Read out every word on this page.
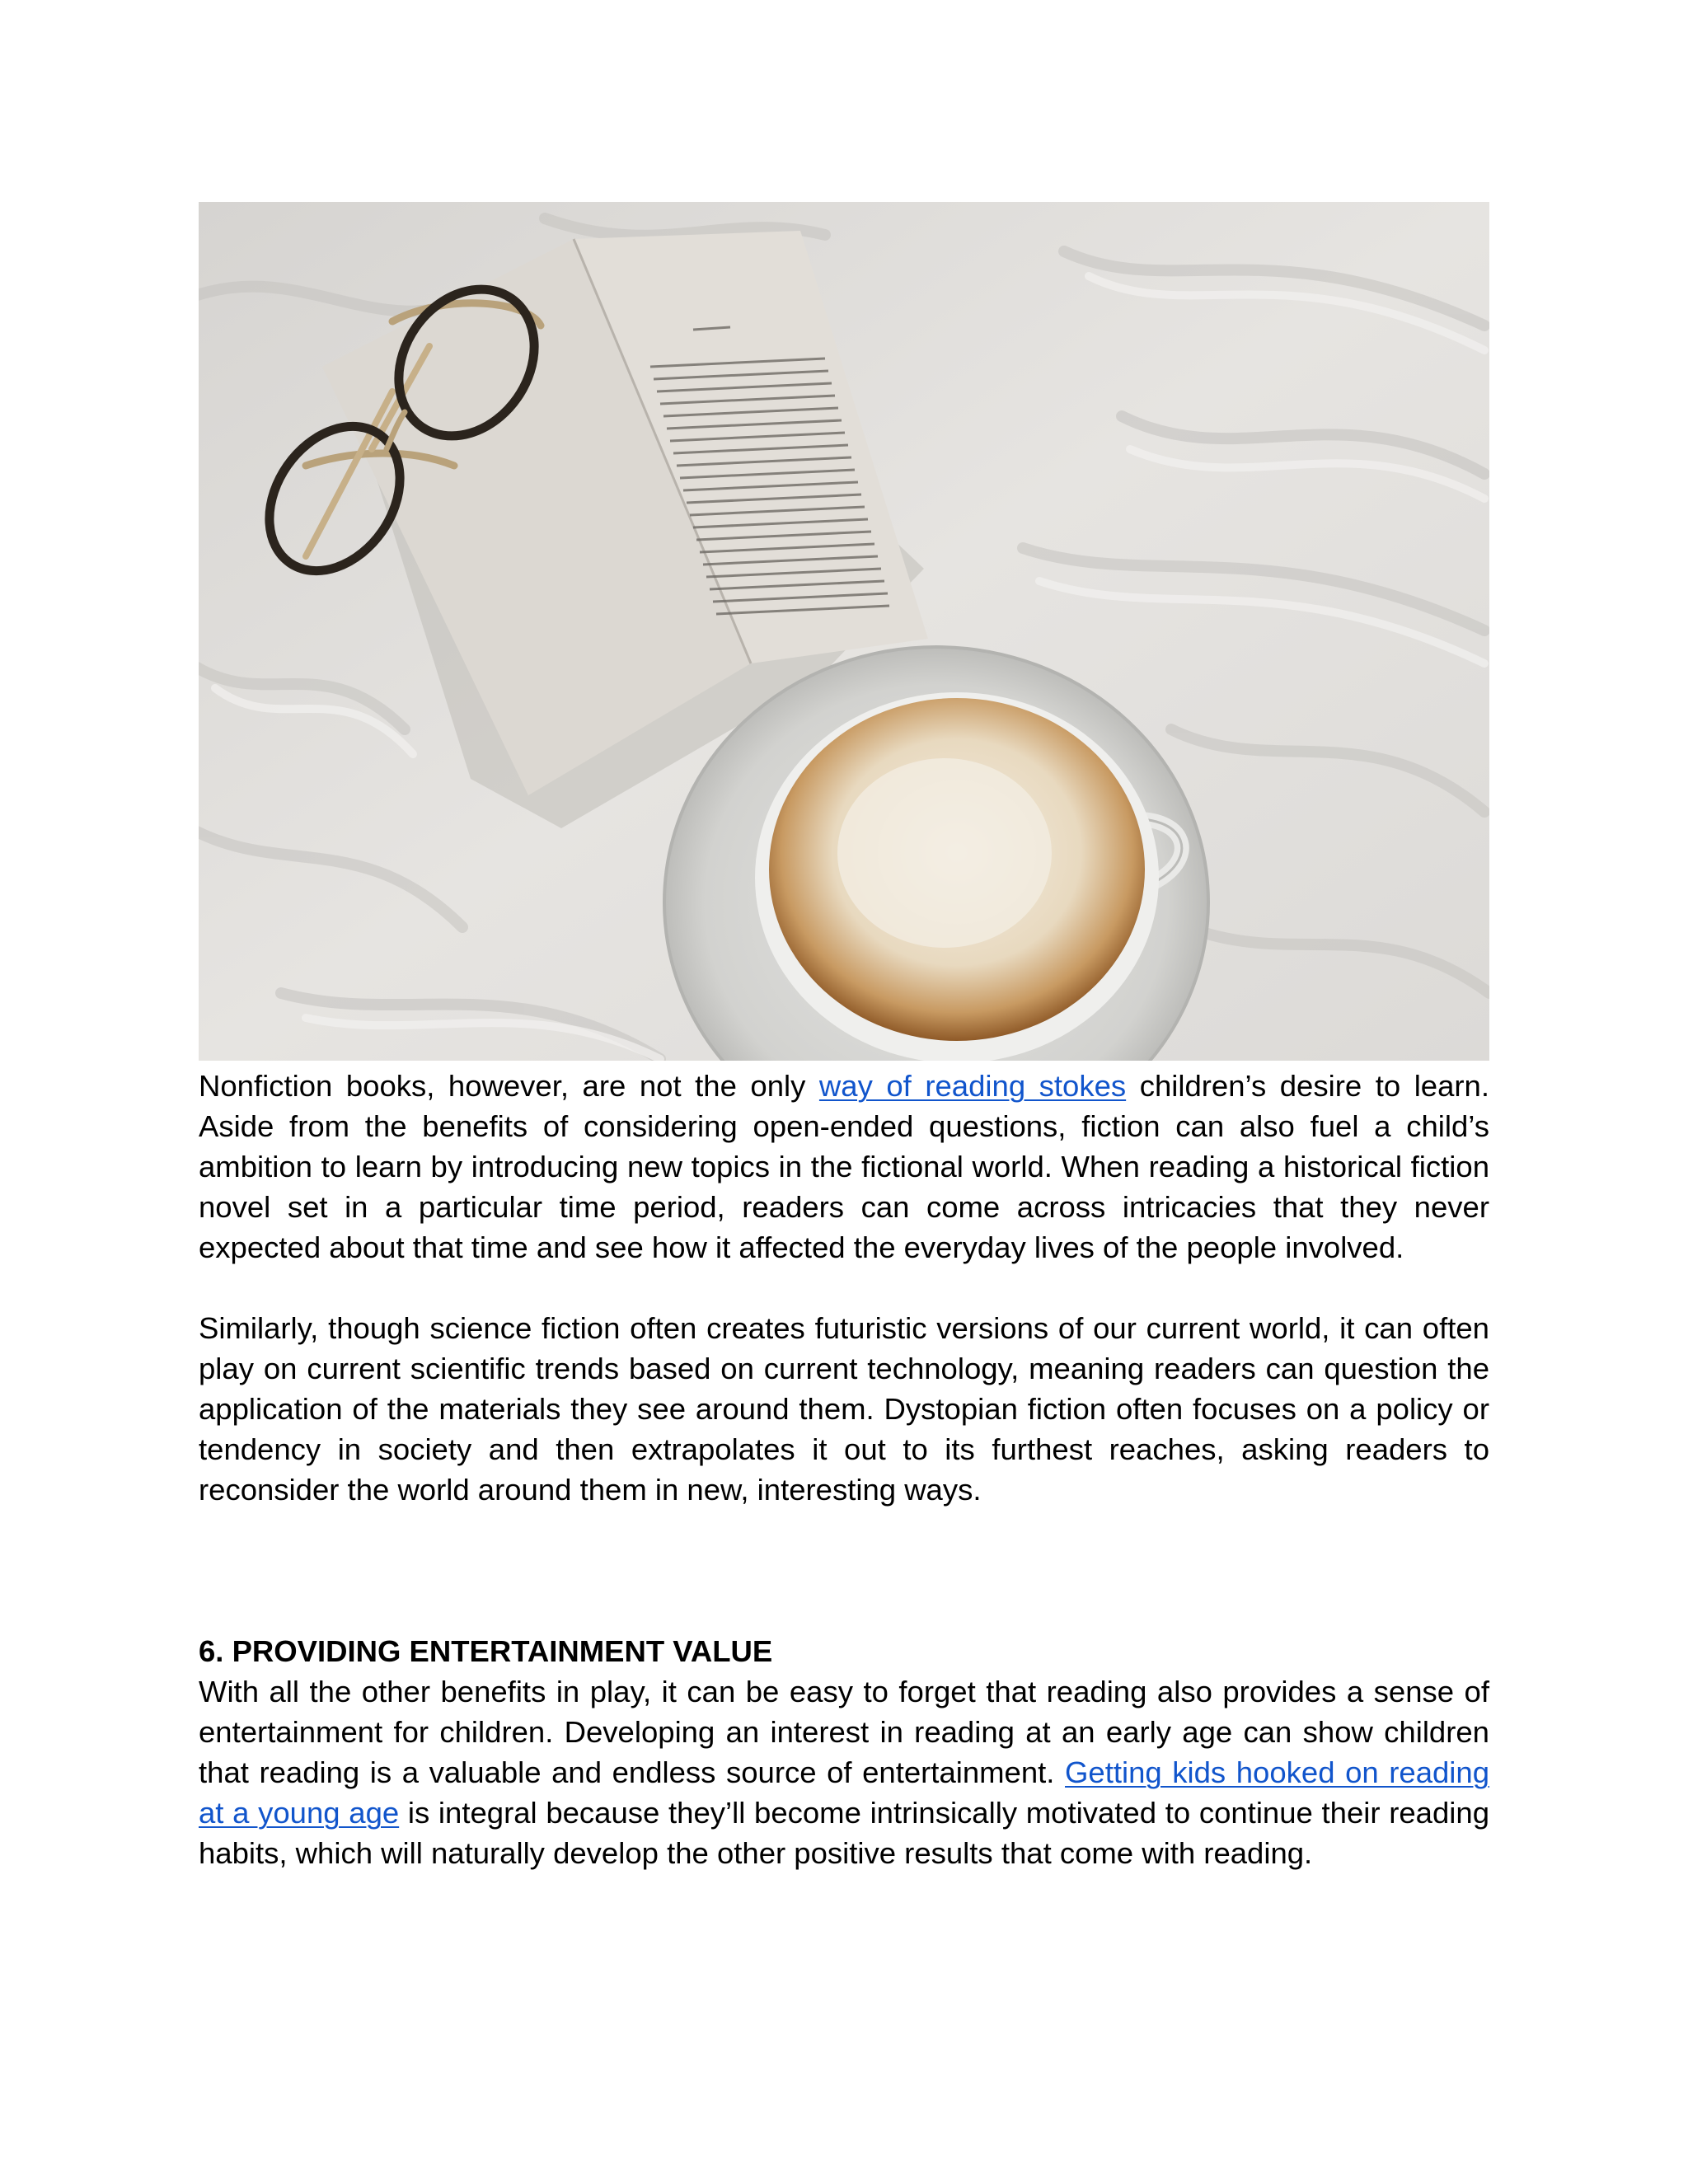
Nonfiction books, however, are not the only way of reading stokes children’s desire to learn. Aside from the benefits of considering open-ended questions, fiction can also fuel a child’s ambition to learn by introducing new topics in the fictional world. When reading a historical fiction novel set in a particular time period, readers can come across intricacies that they never expected about that time and see how it affected the everyday lives of the people involved.

Similarly, though science fiction often creates futuristic versions of our current world, it can often play on current scientific trends based on current technology, meaning readers can question the application of the materials they see around them. Dystopian fiction often focuses on a policy or tendency in society and then extrapolates it out to its furthest reaches, asking readers to reconsider the world around them in new, interesting ways.

6. PROVIDING ENTERTAINMENT VALUE

With all the other benefits in play, it can be easy to forget that reading also provides a sense of entertainment for children. Developing an interest in reading at an early age can show children that reading is a valuable and endless source of entertainment. Getting kids hooked on reading at a young age is integral because they’ll become intrinsically motivated to continue their reading habits, which will naturally develop the other positive results that come with reading.
